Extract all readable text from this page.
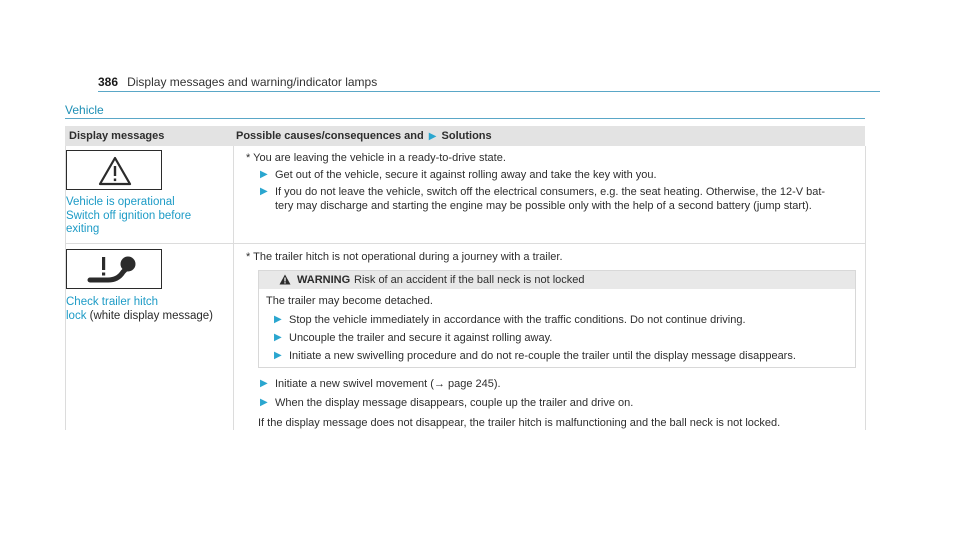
386 Display messages and warning/indicator lamps
Vehicle
Display messages	Possible causes/consequences and ▶ Solutions
Vehicle is operational
Switch off ignition before
exiting
* You are leaving the vehicle in a ready-to-drive state.
▶ Get out of the vehicle, secure it against rolling away and take the key with you.
▶ If you do not leave the vehicle, switch off the electrical consumers, e.g. the seat heating. Otherwise, the 12-V bat-
tery may discharge and starting the engine may be possible only with the help of a second battery (jump start).
Check trailer hitch
lock (white display message)
* The trailer hitch is not operational during a journey with a trailer.
WARNING Risk of an accident if the ball neck is not locked
The trailer may become detached.
▶ Stop the vehicle immediately in accordance with the traffic conditions. Do not continue driving.
▶ Uncouple the trailer and secure it against rolling away.
▶ Initiate a new swivelling procedure and do not re-couple the trailer until the display message disappears.
▶ Initiate a new swivel movement (→ page 245).
▶ When the display message disappears, couple up the trailer and drive on.
If the display message does not disappear, the trailer hitch is malfunctioning and the ball neck is not locked.
